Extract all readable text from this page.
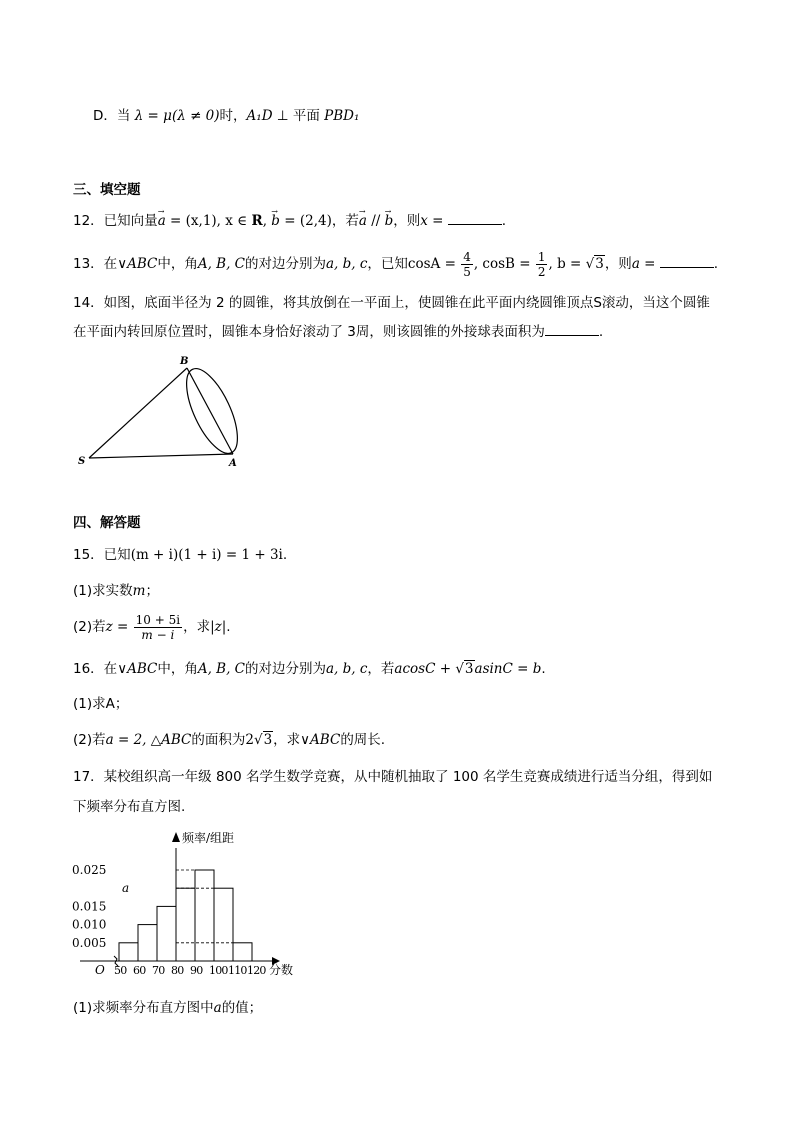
D．当 λ = μ(λ ≠ 0)时，A₁D ⊥ 平面 PBD₁
三、填空题
12．已知向量→ a = (x,1), x ∈ R, → b = (2,4)，若→ a // → b，则x =	.
13．在∨ABC中，角A, B, C的对边分别为a, b, c，已知$\cos A = \frac{4}{5}$ , $\cos B = \frac{1}{2}$ , b = √3，则a =	.
14．如图，底面半径为 2 的圆锥，将其放倒在一平面上，使圆锥在此平面内绕圆锥顶点S滚动，当这个圆锥
在平面内转回原位置时，圆锥本身恰好滚动了 3周，则该圆锥的外接球表面积为	.
B
S	A
四、解答题
15．已知(m + i)(1 + i) = 1 + 3i.
(1)求实数m；
(2)若$z = \frac{10 + 5i}{m - i}$ ，求|z|.
16．在∨ABC中，角A, B, C的对边分别为a, b, c，若acosC + √3asinC = b.
(1)求A；
(2)若a = 2, △ABC的面积为2√3，求∨ABC的周长.
17．某校组织高一年级 800 名学生数学竞赛，从中随机抽取了 100 名学生竞赛成绩进行适当分组，得到如
下频率分布直方图.
频率/组距
分数
O
0.005
0.010
0.015
a
0.025
50 60 70 80 90 100 110 120
(1)求频率分布直方图中a的值；
